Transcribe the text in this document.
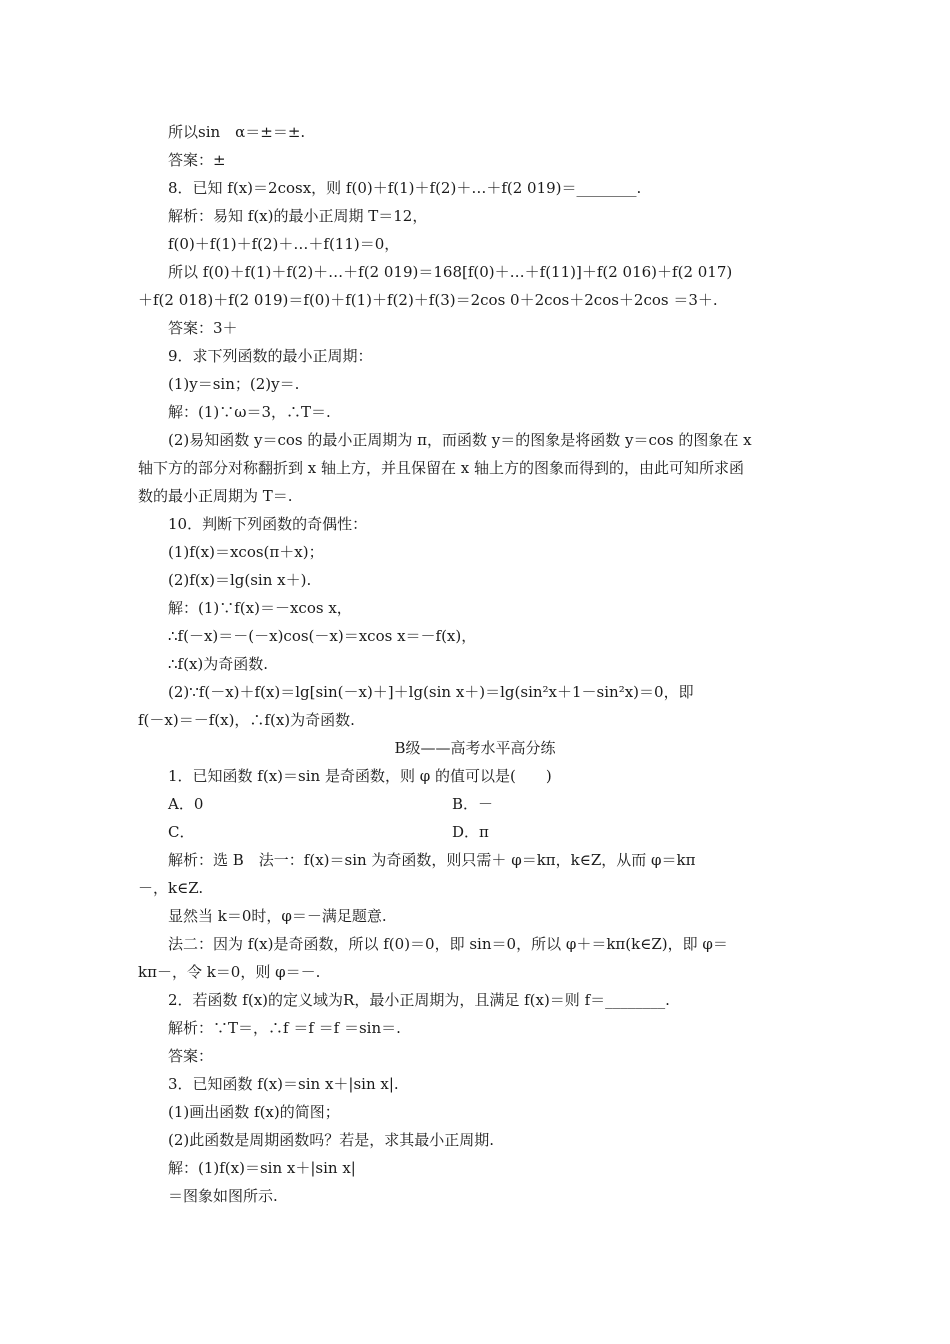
所以sin　α＝±＝±.
答案：±
8．已知 f(x)＝2cosx，则 f(0)＋f(1)＋f(2)＋…＋f(2 019)＝________.
解析：易知 f(x)的最小正周期 T＝12，
f(0)＋f(1)＋f(2)＋…＋f(11)＝0，
所以 f(0)＋f(1)＋f(2)＋…＋f(2 019)＝168[f(0)＋…＋f(11)]＋f(2 016)＋f(2 017)
＋f(2 018)＋f(2 019)＝f(0)＋f(1)＋f(2)＋f(3)＝2cos 0＋2cos＋2cos＋2cos ＝3＋.
答案：3＋
9．求下列函数的最小正周期：
(1)y＝sin；(2)y＝.
解：(1)∵ω＝3，∴T＝.
(2)易知函数 y＝cos 的最小正周期为 π，而函数 y＝的图象是将函数 y＝cos 的图象在 x
轴下方的部分对称翻折到 x 轴上方，并且保留在 x 轴上方的图象而得到的，由此可知所求函
数的最小正周期为 T＝.
10．判断下列函数的奇偶性：
(1)f(x)＝xcos(π＋x)；
(2)f(x)＝lg(sin x＋).
解：(1)∵f(x)＝－xcos x，
∴f(－x)＝－(－x)cos(－x)＝xcos x＝－f(x)，
∴f(x)为奇函数.
(2)∵f(－x)＋f(x)＝lg[sin(－x)＋]＋lg(sin x＋)＝lg(sin²x＋1－sin²x)＝0，即
f(－x)＝－f(x)，∴f(x)为奇函数.
B级——高考水平高分练
1．已知函数 f(x)＝sin 是奇函数，则 φ 的值可以是(　　)
A．0	B．－
C．	D．π
解析：选 B　法一：f(x)＝sin 为奇函数，则只需＋ φ＝kπ，k∈Z，从而 φ＝kπ
－，k∈Z.
显然当 k＝0时，φ＝－满足题意.
法二：因为 f(x)是奇函数，所以 f(0)＝0，即 sin＝0，所以 φ＋＝kπ(k∈Z)，即 φ＝
kπ－，令 k＝0，则 φ＝－.
2．若函数 f(x)的定义域为R，最小正周期为，且满足 f(x)＝则 f＝________.
解析：∵T＝，∴f ＝f ＝f ＝sin＝.
答案：
3．已知函数 f(x)＝sin x＋|sin x|.
(1)画出函数 f(x)的简图；
(2)此函数是周期函数吗？若是，求其最小正周期.
解：(1)f(x)＝sin x＋|sin x|
＝图象如图所示.
